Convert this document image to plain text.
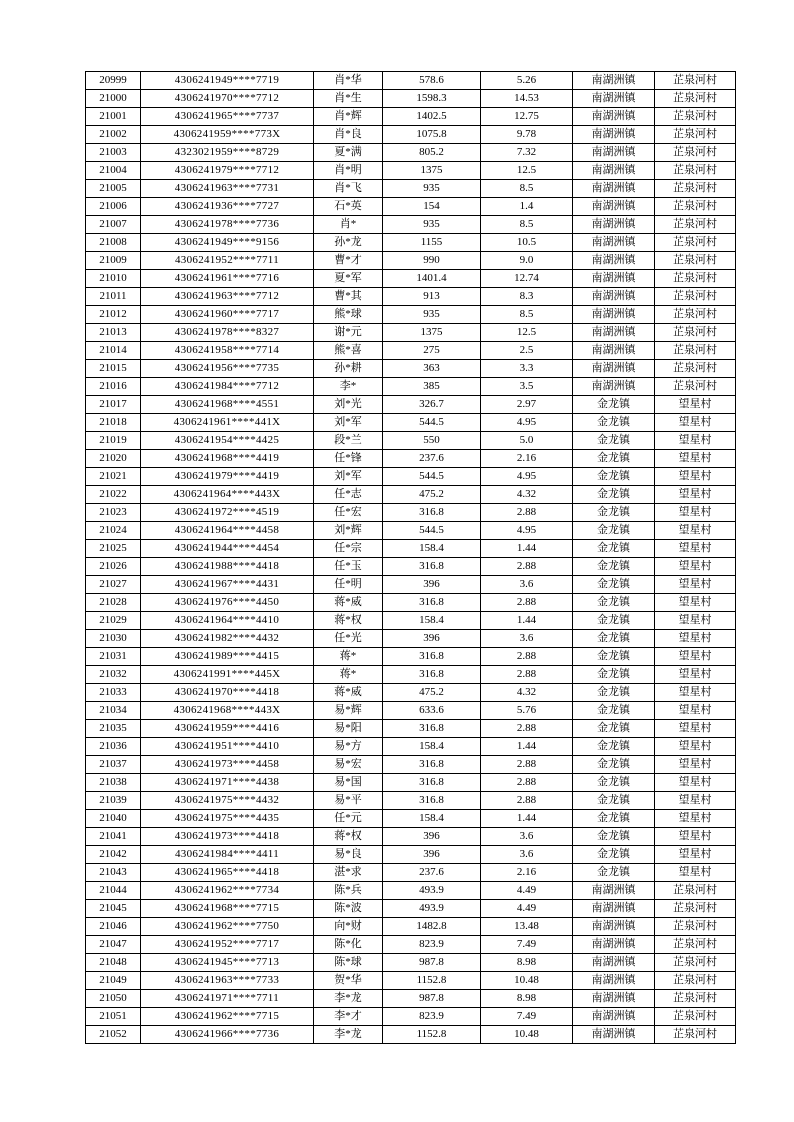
20999	4306241949****7719	肖*华	578.6	5.26	南湖洲镇	芷泉河村
21000	4306241970****7712	肖*生	1598.3	14.53	南湖洲镇	芷泉河村
21001	4306241965****7737	肖*辉	1402.5	12.75	南湖洲镇	芷泉河村
21002	4306241959****773X	肖*良	1075.8	9.78	南湖洲镇	芷泉河村
21003	4323021959****8729	夏*满	805.2	7.32	南湖洲镇	芷泉河村
21004	4306241979****7712	肖*明	1375	12.5	南湖洲镇	芷泉河村
21005	4306241963****7731	肖*飞	935	8.5	南湖洲镇	芷泉河村
21006	4306241936****7727	石*英	154	1.4	南湖洲镇	芷泉河村
21007	4306241978****7736	肖*	935	8.5	南湖洲镇	芷泉河村
21008	4306241949****9156	孙*龙	1155	10.5	南湖洲镇	芷泉河村
21009	4306241952****7711	曹*才	990	9.0	南湖洲镇	芷泉河村
21010	4306241961****7716	夏*军	1401.4	12.74	南湖洲镇	芷泉河村
21011	4306241963****7712	曹*其	913	8.3	南湖洲镇	芷泉河村
21012	4306241960****7717	熊*球	935	8.5	南湖洲镇	芷泉河村
21013	4306241978****8327	谢*元	1375	12.5	南湖洲镇	芷泉河村
21014	4306241958****7714	熊*喜	275	2.5	南湖洲镇	芷泉河村
21015	4306241956****7735	孙*耕	363	3.3	南湖洲镇	芷泉河村
21016	4306241984****7712	李*	385	3.5	南湖洲镇	芷泉河村
21017	4306241968****4551	刘*光	326.7	2.97	金龙镇	望星村
21018	4306241961****441X	刘*军	544.5	4.95	金龙镇	望星村
21019	4306241954****4425	段*兰	550	5.0	金龙镇	望星村
21020	4306241968****4419	任*锋	237.6	2.16	金龙镇	望星村
21021	4306241979****4419	刘*军	544.5	4.95	金龙镇	望星村
21022	4306241964****443X	任*志	475.2	4.32	金龙镇	望星村
21023	4306241972****4519	任*宏	316.8	2.88	金龙镇	望星村
21024	4306241964****4458	刘*辉	544.5	4.95	金龙镇	望星村
21025	4306241944****4454	任*宗	158.4	1.44	金龙镇	望星村
21026	4306241988****4418	任*玉	316.8	2.88	金龙镇	望星村
21027	4306241967****4431	任*明	396	3.6	金龙镇	望星村
21028	4306241976****4450	蒋*威	316.8	2.88	金龙镇	望星村
21029	4306241964****4410	蒋*权	158.4	1.44	金龙镇	望星村
21030	4306241982****4432	任*光	396	3.6	金龙镇	望星村
21031	4306241989****4415	蒋*	316.8	2.88	金龙镇	望星村
21032	4306241991****445X	蒋*	316.8	2.88	金龙镇	望星村
21033	4306241970****4418	蒋*威	475.2	4.32	金龙镇	望星村
21034	4306241968****443X	易*辉	633.6	5.76	金龙镇	望星村
21035	4306241959****4416	易*阳	316.8	2.88	金龙镇	望星村
21036	4306241951****4410	易*方	158.4	1.44	金龙镇	望星村
21037	4306241973****4458	易*宏	316.8	2.88	金龙镇	望星村
21038	4306241971****4438	易*国	316.8	2.88	金龙镇	望星村
21039	4306241975****4432	易*平	316.8	2.88	金龙镇	望星村
21040	4306241975****4435	任*元	158.4	1.44	金龙镇	望星村
21041	4306241973****4418	蒋*权	396	3.6	金龙镇	望星村
21042	4306241984****4411	易*良	396	3.6	金龙镇	望星村
21043	4306241965****4418	湛*求	237.6	2.16	金龙镇	望星村
21044	4306241962****7734	陈*兵	493.9	4.49	南湖洲镇	芷泉河村
21045	4306241968****7715	陈*波	493.9	4.49	南湖洲镇	芷泉河村
21046	4306241962****7750	向*财	1482.8	13.48	南湖洲镇	芷泉河村
21047	4306241952****7717	陈*化	823.9	7.49	南湖洲镇	芷泉河村
21048	4306241945****7713	陈*球	987.8	8.98	南湖洲镇	芷泉河村
21049	4306241963****7733	贺*华	1152.8	10.48	南湖洲镇	芷泉河村
21050	4306241971****7711	李*龙	987.8	8.98	南湖洲镇	芷泉河村
21051	4306241962****7715	李*才	823.9	7.49	南湖洲镇	芷泉河村
21052	4306241966****7736	李*龙	1152.8	10.48	南湖洲镇	芷泉河村
